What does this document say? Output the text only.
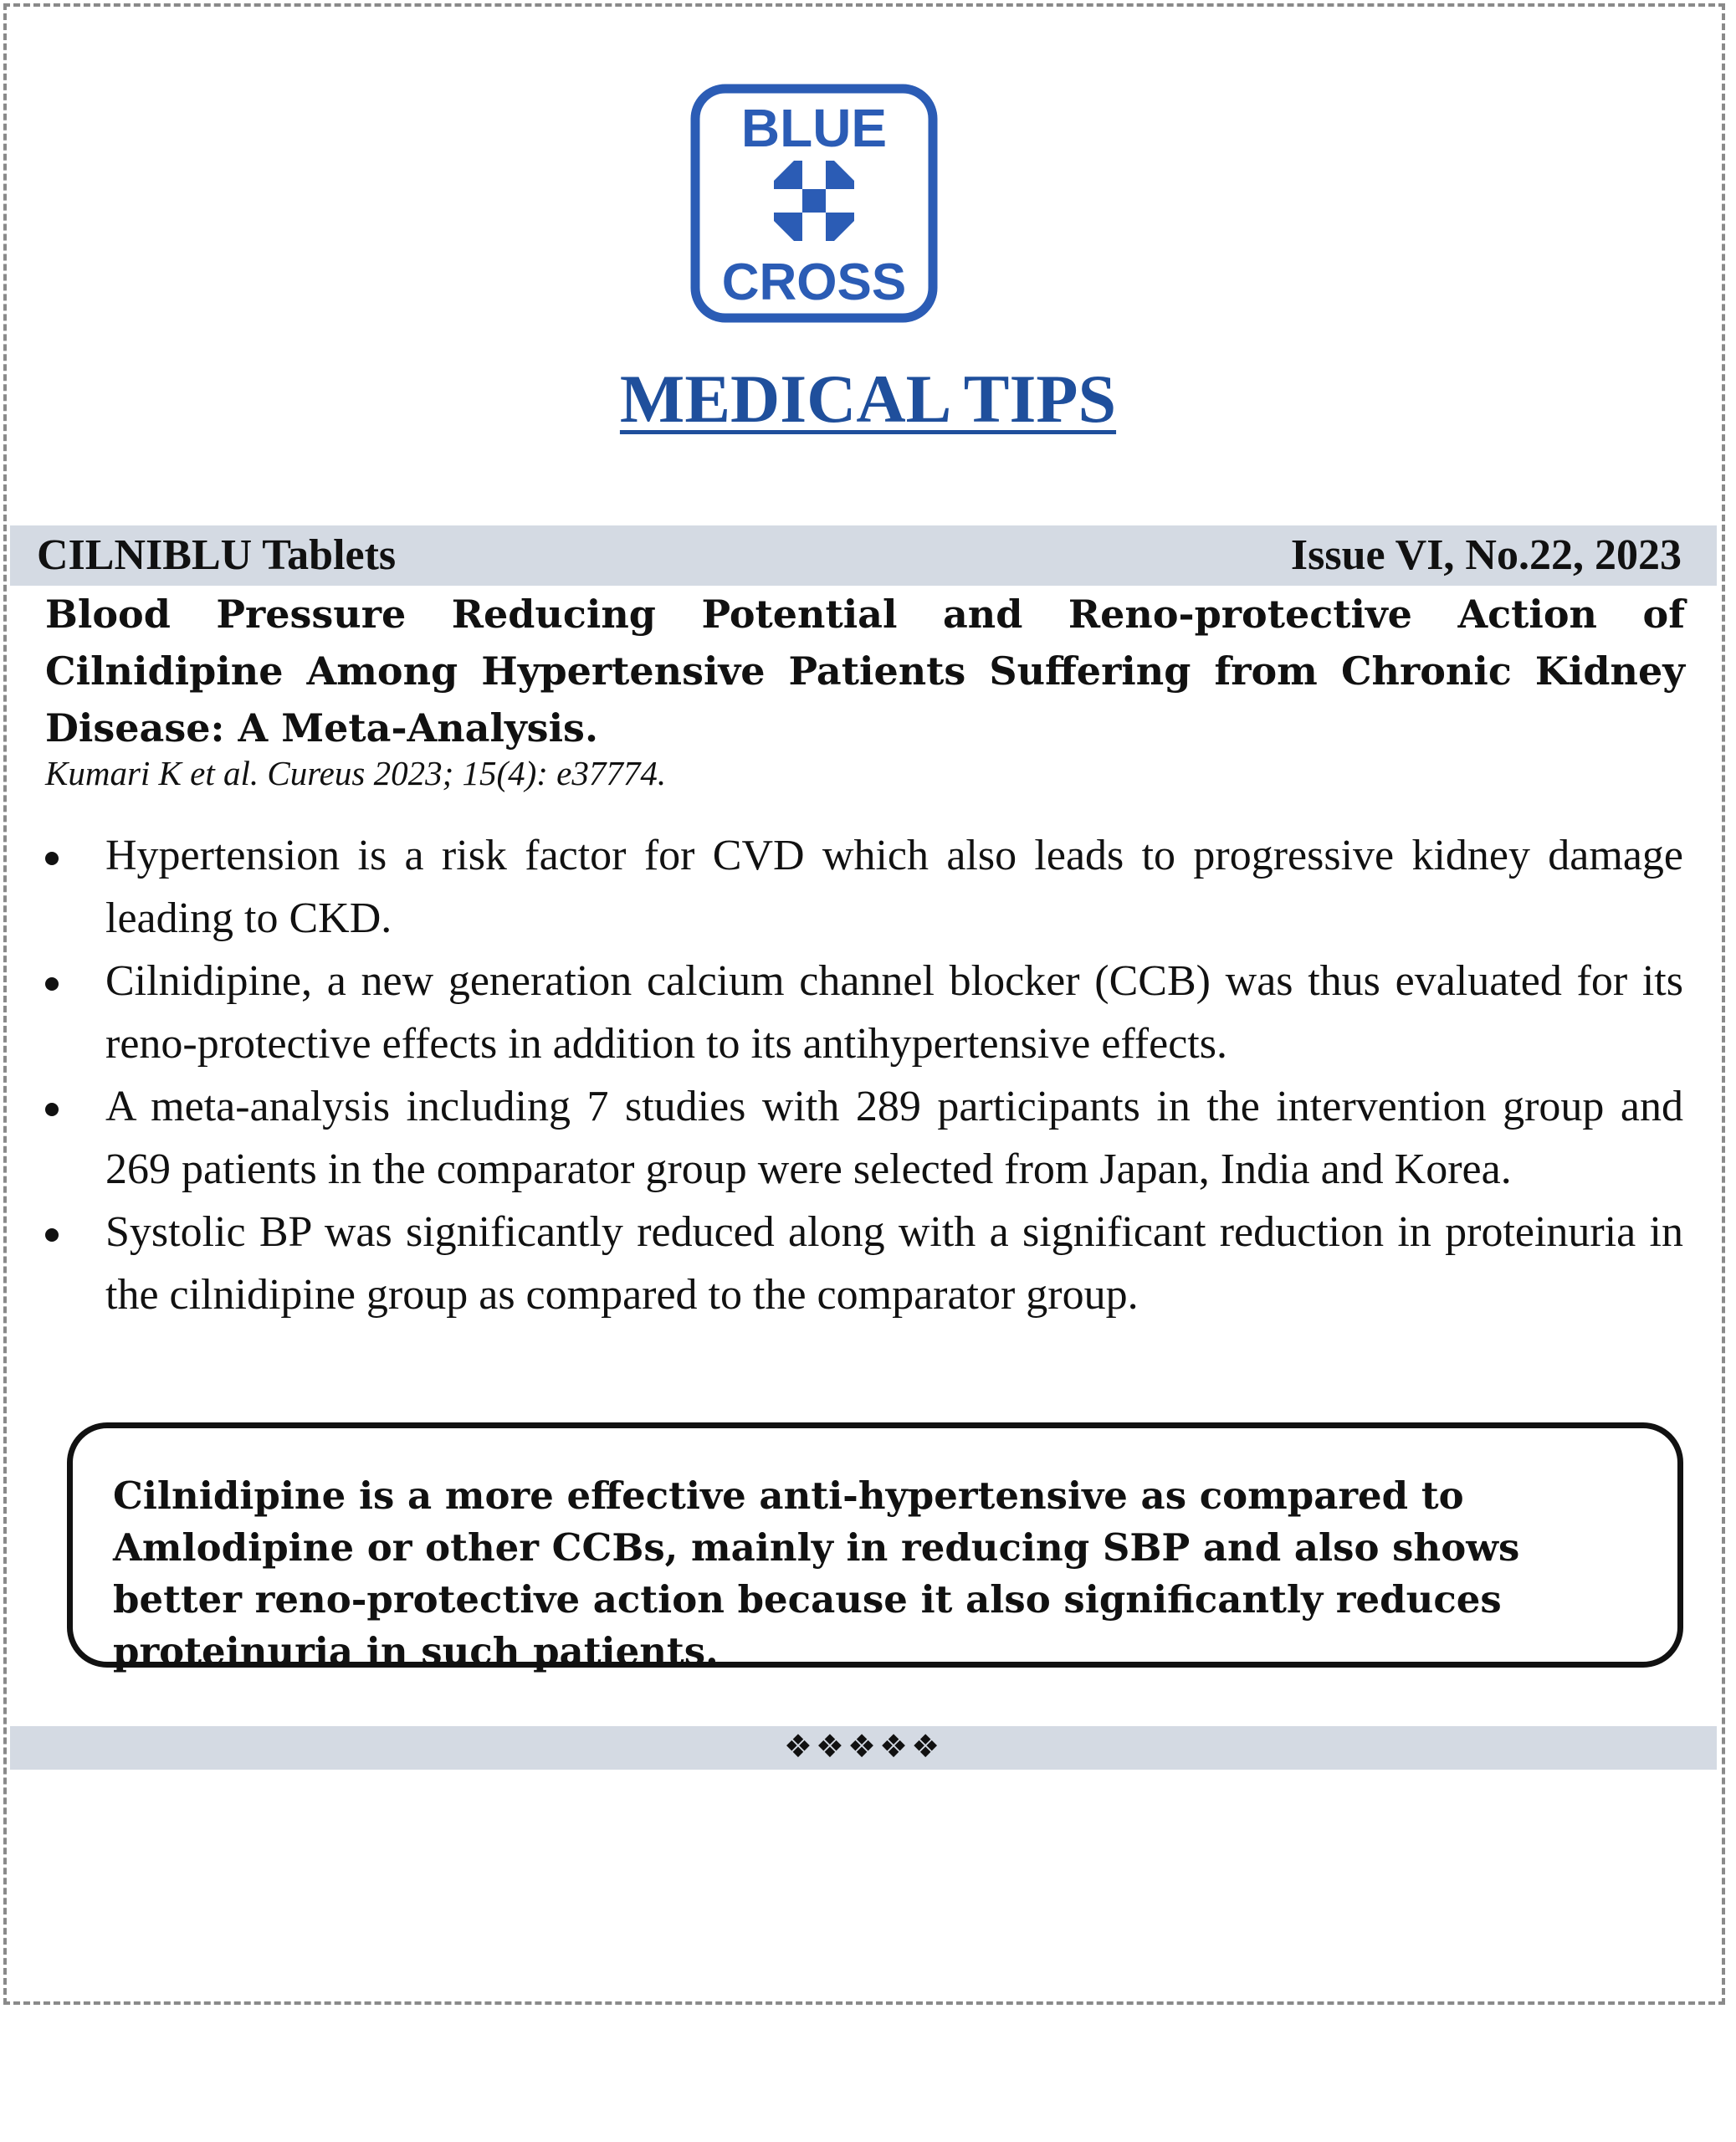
BLUE
CROSS
MEDICAL TIPS
CILNIBLU Tablets	Issue VI, No.22, 2023
Blood Pressure Reducing Potential and Reno-protective Action of Cilnidipine Among Hypertensive Patients Suffering from Chronic Kidney Disease: A Meta-Analysis.
Kumari K et al. Cureus 2023; 15(4): e37774.
Hypertension is a risk factor for CVD which also leads to progressive kidney damage leading to CKD.
Cilnidipine, a new generation calcium channel blocker (CCB) was thus evaluated for its reno-protective effects in addition to its antihypertensive effects.
A meta-analysis including 7 studies with 289 participants in the intervention group and 269 patients in the comparator group were selected from Japan, India and Korea.
Systolic BP was significantly reduced along with a significant reduction in proteinuria in the cilnidipine group as compared to the comparator group.
Cilnidipine is a more effective anti-hypertensive as compared to Amlodipine or other CCBs, mainly in reducing SBP and also shows better reno-protective action because it also significantly reduces proteinuria in such patients.
❖❖❖❖❖
